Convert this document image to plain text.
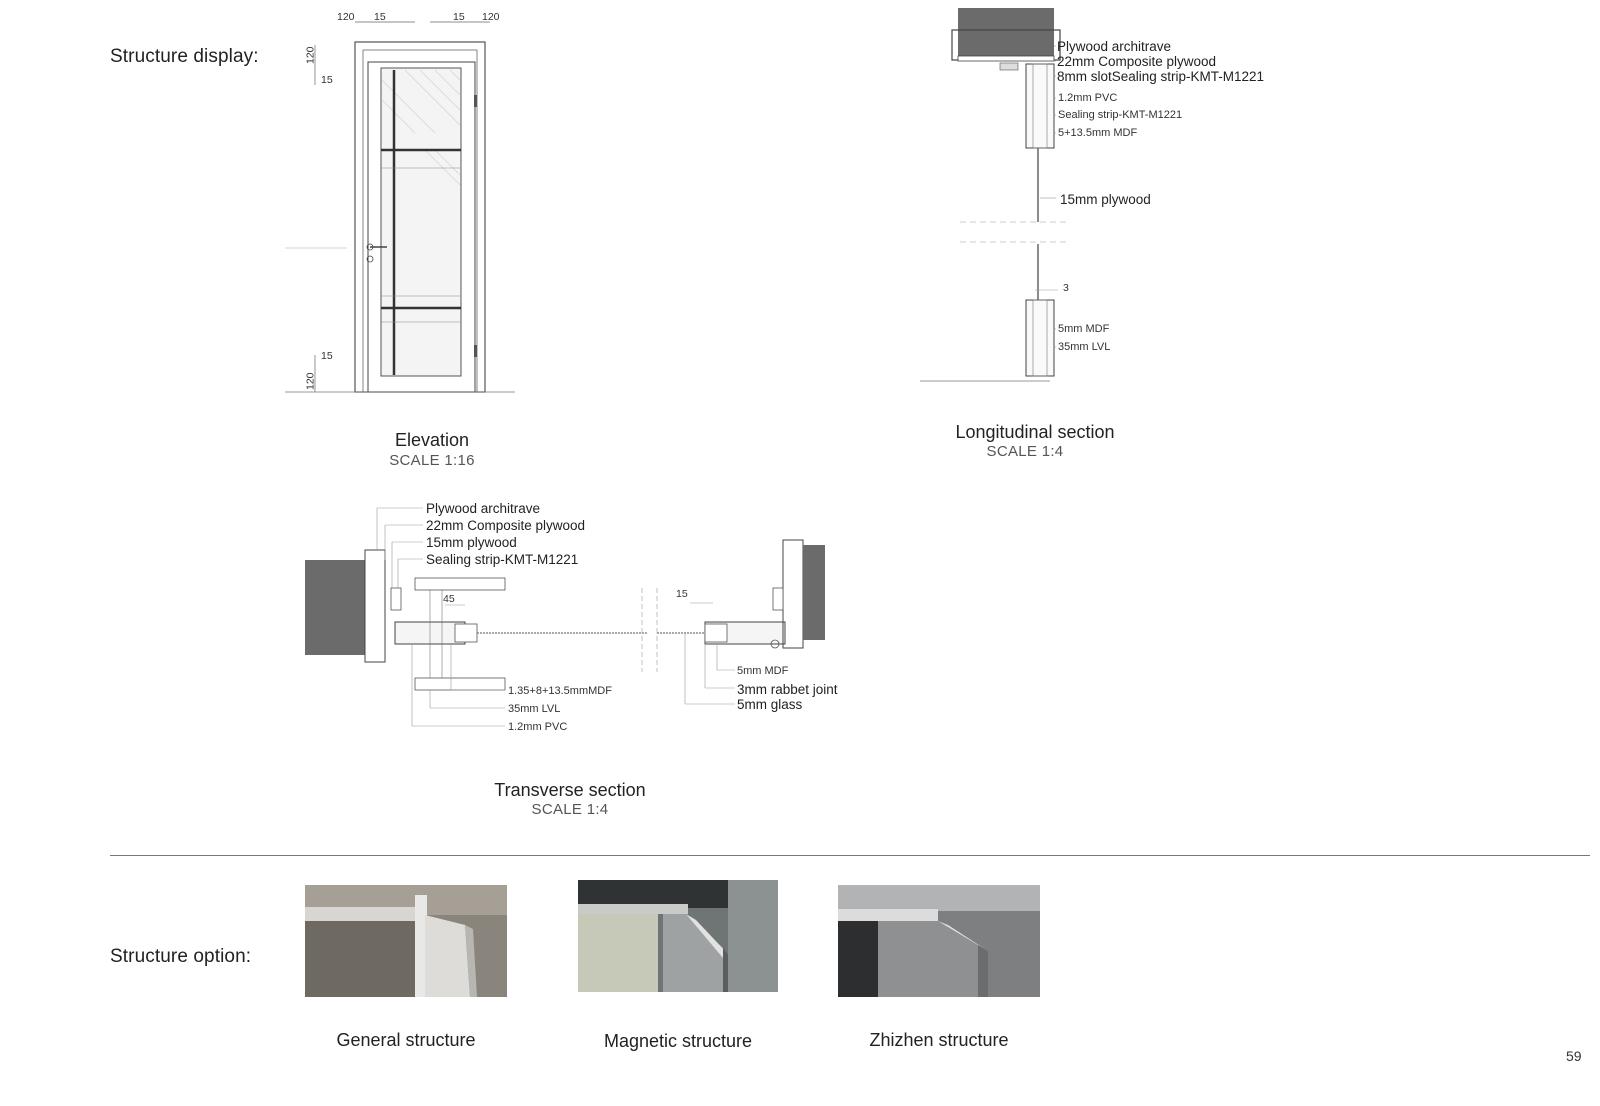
Structure display:
Structure option:
120 15	15 120
120
15
15
120
Elevation
SCALE 1:16
Plywood architrave
22mm Composite plywood
8mm slotSealing strip-KMT-M1221
1.2mm PVC
Sealing strip-KMT-M1221
5+13.5mm MDF
15mm plywood
5mm MDF
35mm LVL
3
Longitudinal section
SCALE 1:4
Plywood architrave
22mm Composite plywood
15mm plywood
Sealing strip-KMT-M1221
45	15
1.35+8+13.5mmMDF
35mm LVL
1.2mm PVC
5mm MDF
3mm rabbet joint
5mm glass
Transverse section
SCALE 1:4
General structure	Magnetic structure	Zhizhen structure
59
